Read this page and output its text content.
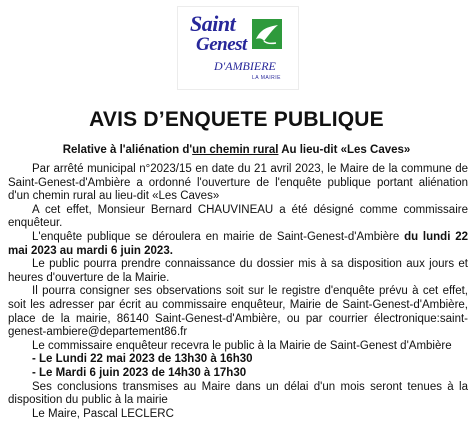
Saint
Genest
D'AMBIERE
LA MAIRIE
AVIS D’ENQUETE PUBLIQUE
Relative à l'aliénation d'un chemin rural Au lieu-dit «Les Caves»

Par arrêté municipal n°2023/15 en date du 21 avril 2023, le Maire de la commune de Saint-Genest-d'Ambière a ordonné l'ouverture de l'enquête publique portant aliénation d'un chemin rural au lieu-dit «Les Caves»

A cet effet, Monsieur Bernard CHAUVINEAU a été désigné comme commissaire enquêteur.

L'enquête publique se déroulera en mairie de Saint-Genest-d'Ambière du lundi 22 mai 2023 au mardi 6 juin 2023.

Le public pourra prendre connaissance du dossier mis à sa disposition aux jours et heures d'ouverture de la Mairie.

Il pourra consigner ses observations soit sur le registre d'enquête prévu à cet effet, soit les adresser par écrit au commissaire enquêteur, Mairie de Saint-Genest-d'Ambière, place de la mairie, 86140 Saint-Genest-d'Ambière, ou par courrier électronique:saint-genest-ambiere@departement86.fr

Le commissaire enquêteur recevra le public à la Mairie de Saint-Genest d'Ambière

- Le Lundi 22 mai 2023 de 13h30 à 16h30

- Le Mardi 6 juin 2023 de 14h30 à 17h30

Ses conclusions transmises au Maire dans un délai d'un mois seront tenues à la disposition du public à la mairie

Le Maire, Pascal LECLERC
